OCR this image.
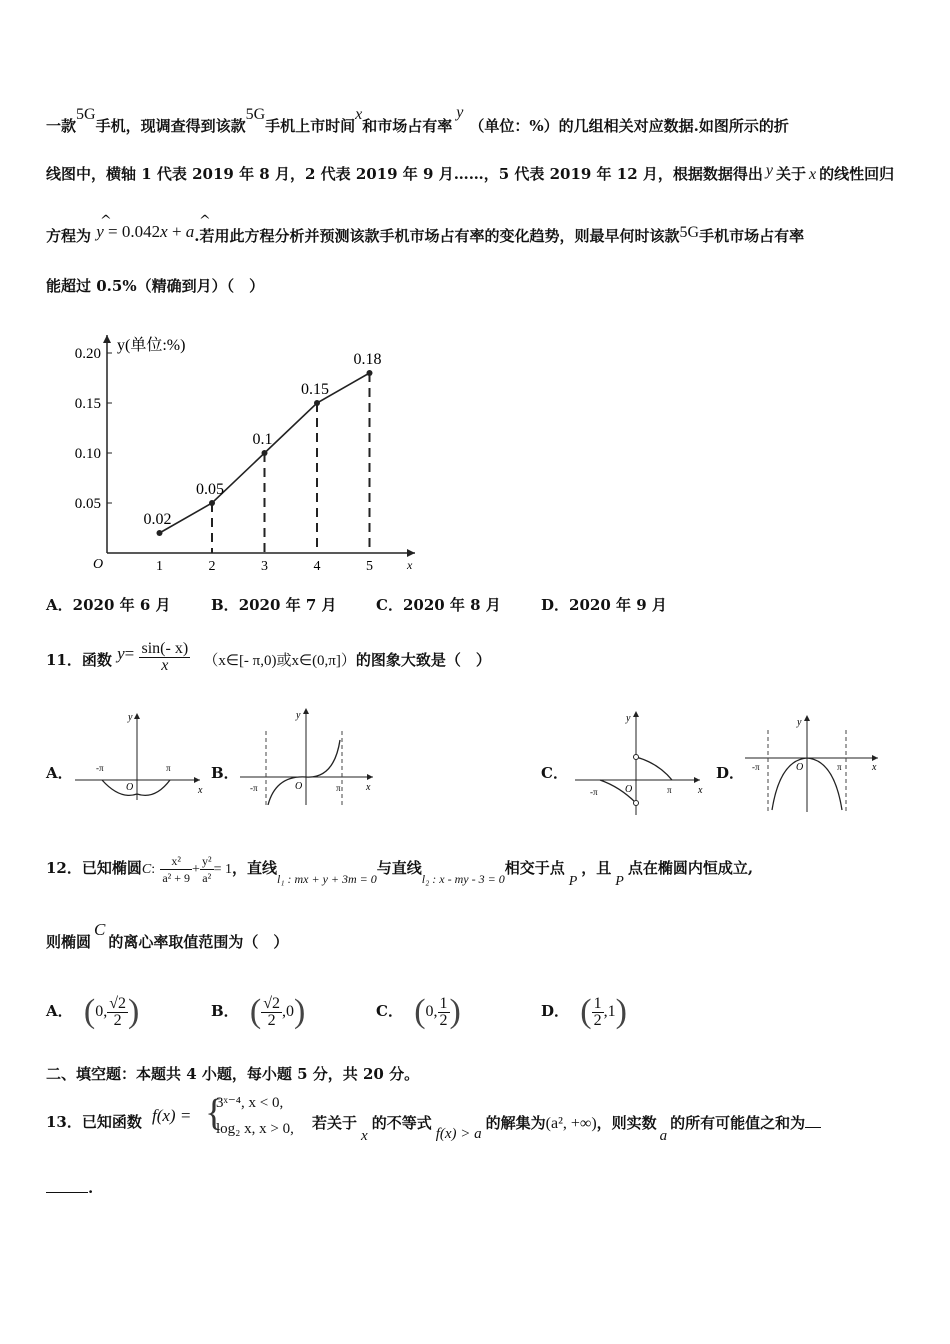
一款5G手机，现调查得到该款5G手机上市时间x和市场占有率y（单位：%）的几组相关对应数据.如图所示的折
线图中，横轴 1 代表 2019 年 8 月，2 代表 2019 年 9 月……，5 代表 2019 年 12 月，根据数据得出 y 关于 x 的线性回归
方程为 y = 0.042x + a.若用此方程分析并预测该款手机市场占有率的变化趋势，则最早何时该款5G手机市场占有率
^	^
能超过 0.5%（精确到月）（　）
y(单位:%)
O	x
0.05
0.10
0.15
0.20
1	2	3	4	5
0.02
0.05
0.1
0.15
0.18
A．2020 年 6 月	B．2020 年 7 月	C．2020 年 8 月	D．2020 年 9 月
11．函数 $y= \frac{\sin(- x)}{x}$ （x∈[- π,0)或x∈(0,π]）的图象大致是（　）
A．	B．	C．	D．
-π	π
O	x
y
-π	π
O	x
y
-π	π
O	x
y
-π	π
O	x
y
12．已知椭圆C: $\frac{\text{x²}}{\text{a² + 9}} + \frac{\text{y²}}{\text{a²}} = 1$，直线$_{l_1 : mx + y + 3m = 0}$与直线$_{l_2 : x - my - 3 = 0}$相交于点P，且P点在椭圆内恒成立,
则椭圆C的离心率取值范围为（　）
A． (0, $\frac{√2}{2}$ )	B． ( $\frac{√2}{2} ,0$)	C． (0, $\frac{1}{2}$ )	D． ( $\frac{1}{2} ,1$)
二、填空题：本题共 4 小题，每小题 5 分，共 20 分。
13．已知函数 f(x) = {
3ˣ⁻⁴, x < 0,
log₂ x, x > 0, 若关于x的不等式f(x) > a的解集为(a², +∞)，则实数a的所有可能值之和为
.
